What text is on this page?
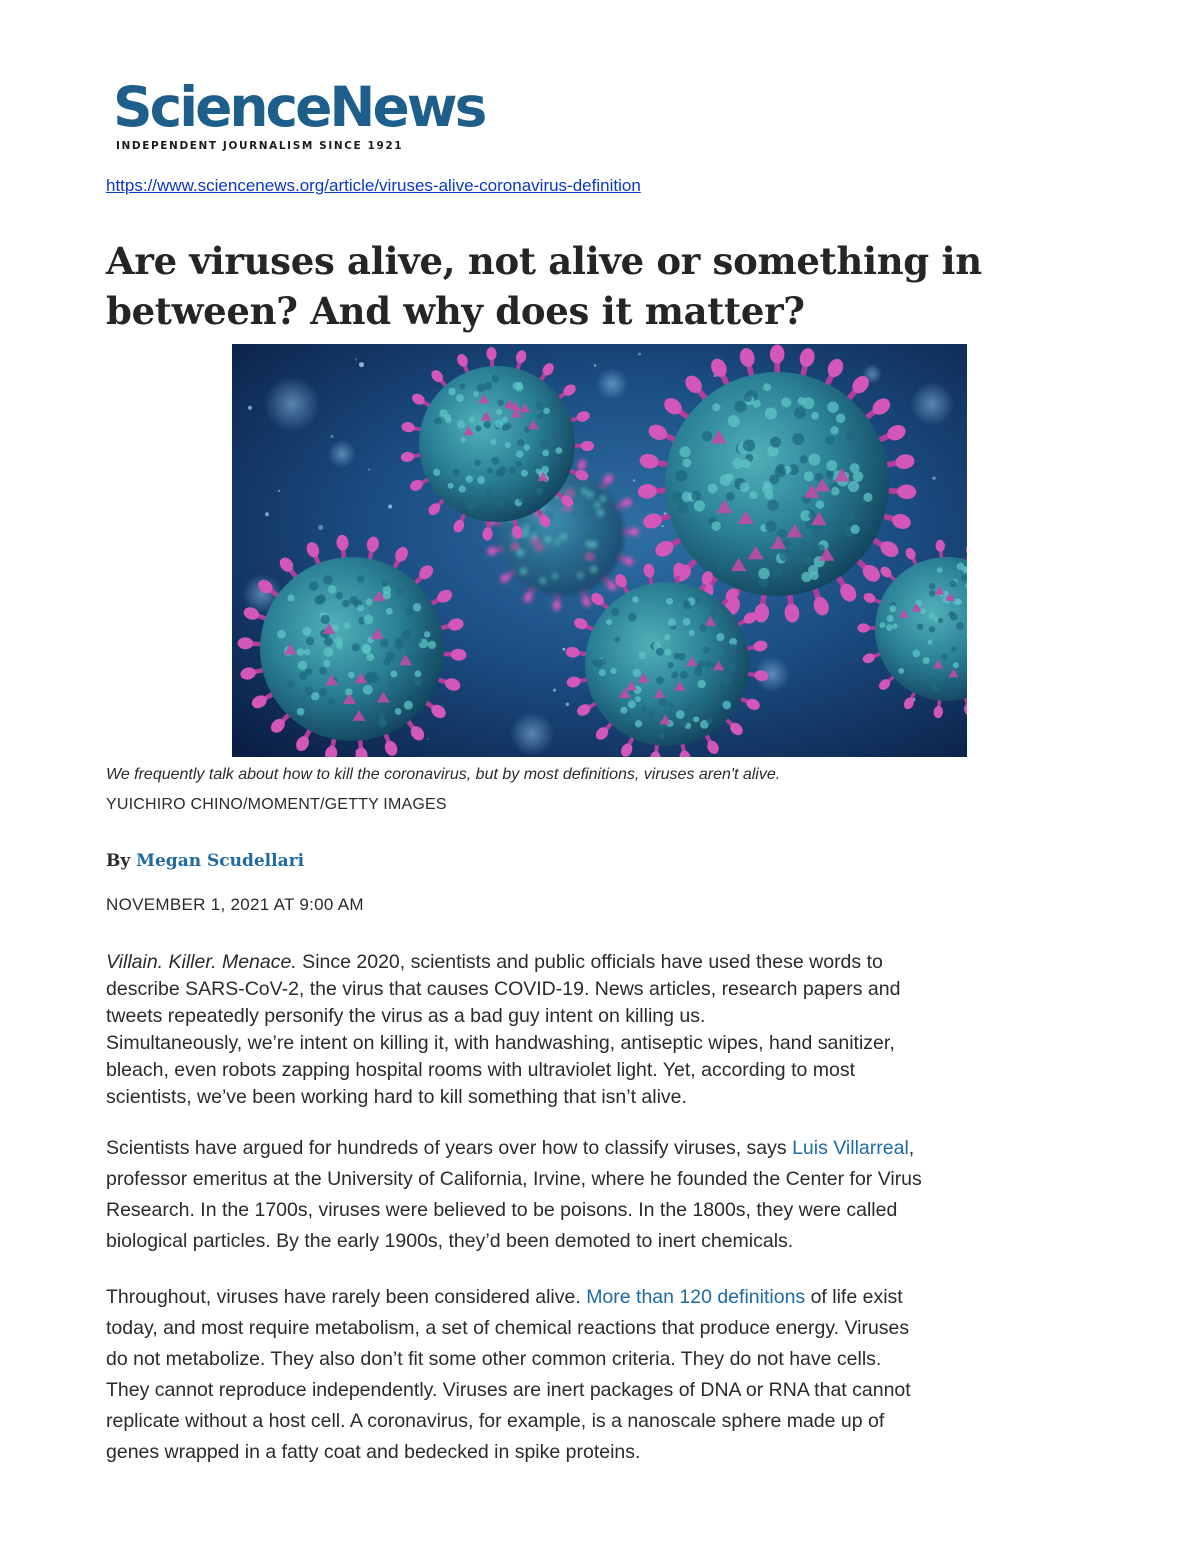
ScienceNews
INDEPENDENT JOURNALISM SINCE 1921
https://www.sciencenews.org/article/viruses-alive-coronavirus-definition
Are viruses alive, not alive or something in
between? And why does it matter?
We frequently talk about how to kill the coronavirus, but by most definitions, viruses aren't alive.
YUICHIRO CHINO/MOMENT/GETTY IMAGES
By Megan Scudellari
NOVEMBER 1, 2021 AT 9:00 AM

Villain. Killer. Menace. Since 2020, scientists and public officials have used these words to
describe SARS-CoV-2, the virus that causes COVID-19. News articles, research papers and
tweets repeatedly personify the virus as a bad guy intent on killing us.
Simultaneously, we’re intent on killing it, with handwashing, antiseptic wipes, hand sanitizer,
bleach, even robots zapping hospital rooms with ultraviolet light. Yet, according to most
scientists, we’ve been working hard to kill something that isn’t alive.

Scientists have argued for hundreds of years over how to classify viruses, says Luis Villarreal,
professor emeritus at the University of California, Irvine, where he founded the Center for Virus
Research. In the 1700s, viruses were believed to be poisons. In the 1800s, they were called
biological particles. By the early 1900s, they’d been demoted to inert chemicals.

Throughout, viruses have rarely been considered alive. More than 120 definitions of life exist
today, and most require metabolism, a set of chemical reactions that produce energy. Viruses
do not metabolize. They also don’t fit some other common criteria. They do not have cells.
They cannot reproduce independently. Viruses are inert packages of DNA or RNA that cannot
replicate without a host cell. A coronavirus, for example, is a nanoscale sphere made up of
genes wrapped in a fatty coat and bedecked in spike proteins.
